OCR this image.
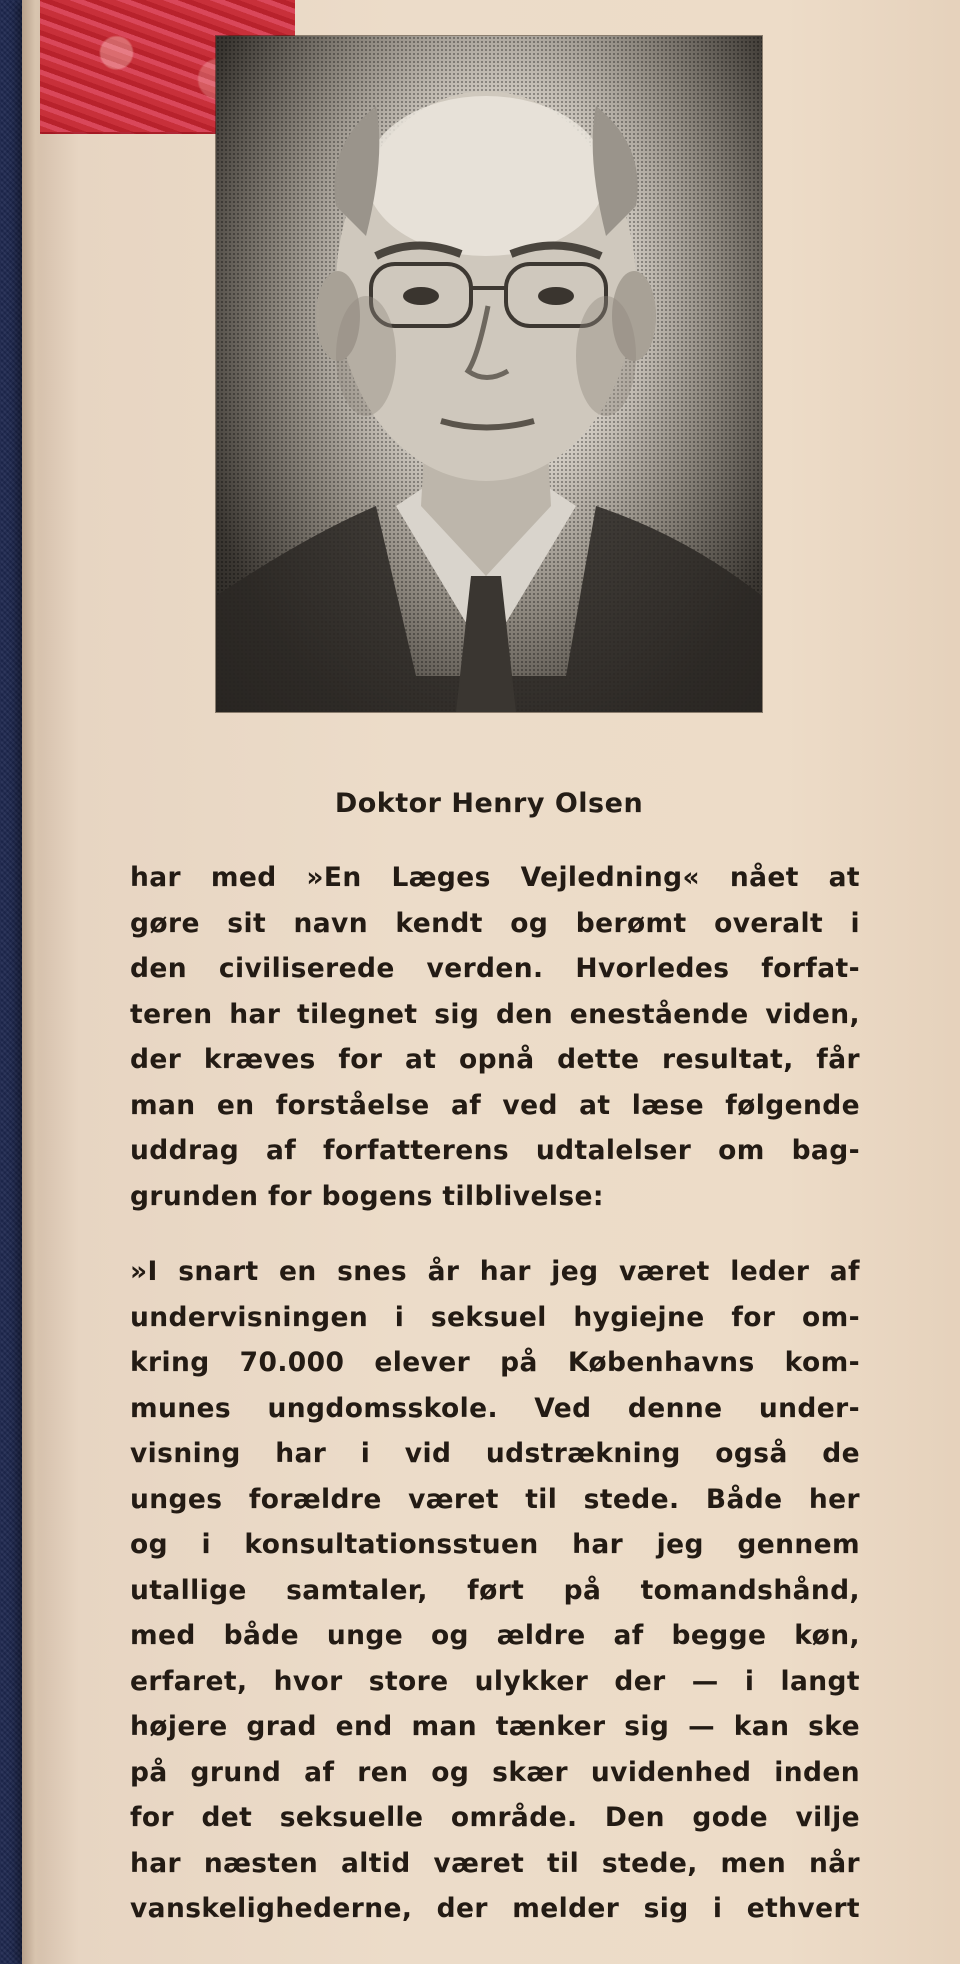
Doktor Henry Olsen

har med »En Læges Vejledning« nået at
gøre sit navn kendt og berømt overalt i
den civiliserede verden. Hvorledes forfat-
teren har tilegnet sig den enestående viden,
der kræves for at opnå dette resultat, får
man en forståelse af ved at læse følgende
uddrag af forfatterens udtalelser om bag-
grunden for bogens tilblivelse:

»I snart en snes år har jeg været leder af
undervisningen i seksuel hygiejne for om-
kring 70.000 elever på Københavns kom-
munes ungdomsskole. Ved denne under-
visning har i vid udstrækning også de
unges forældre været til stede. Både her
og i konsultationsstuen har jeg gennem
utallige samtaler, ført på tomandshånd,
med både unge og ældre af begge køn,
erfaret, hvor store ulykker der — i langt
højere grad end man tænker sig — kan ske
på grund af ren og skær uvidenhed inden
for det seksuelle område. Den gode vilje
har næsten altid været til stede, men når
vanskelighederne, der melder sig i ethvert
